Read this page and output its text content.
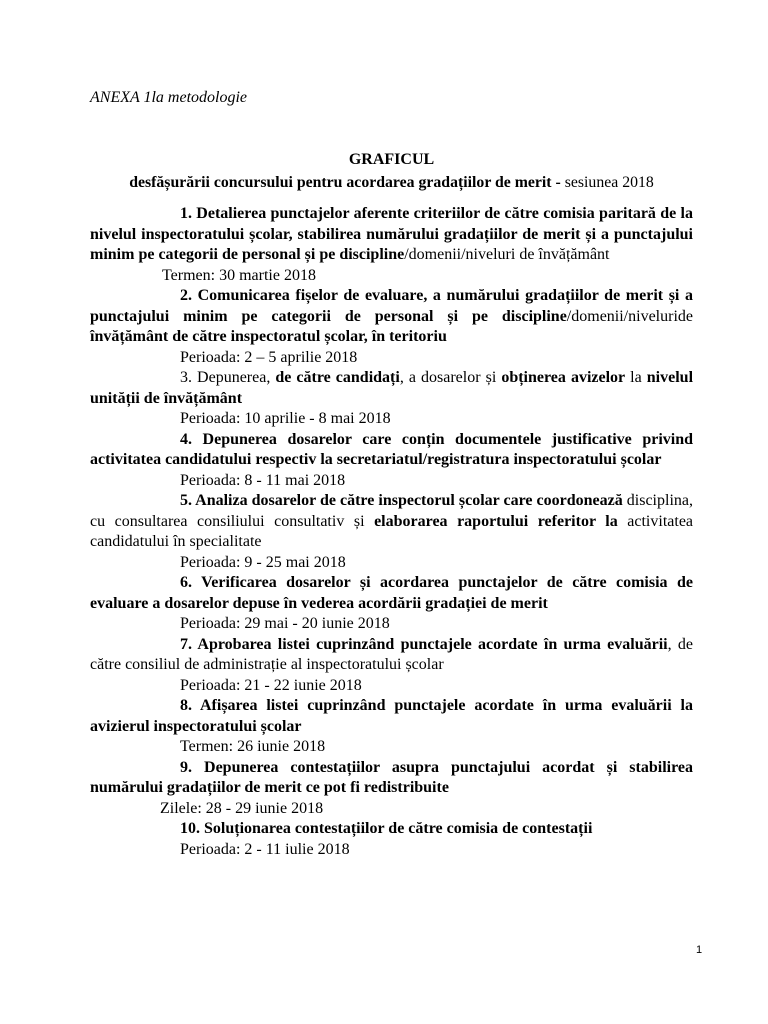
ANEXA 1la metodologie
GRAFICUL
desfășurării concursului pentru acordarea gradațiilor de merit - sesiunea 2018
1. Detalierea punctajelor aferente criteriilor de către comisia paritară de la nivelul inspectoratului școlar, stabilirea numărului gradațiilor de merit și a punctajului minim pe categorii de personal și pe discipline/domenii/niveluri de învățământ
Termen: 30 martie 2018
2. Comunicarea fișelor de evaluare, a numărului gradațiilor de merit și a punctajului minim pe categorii de personal și pe discipline/domenii/niveluride învățământ de către inspectoratul școlar, în teritoriu
Perioada: 2 – 5 aprilie 2018
3. Depunerea, de către candidați, a dosarelor și obținerea avizelor la nivelul unității de învățământ
Perioada: 10 aprilie - 8 mai 2018
4. Depunerea dosarelor care conțin documentele justificative privind activitatea candidatului respectiv la secretariatul/registratura inspectoratului școlar
Perioada: 8 - 11 mai 2018
5. Analiza dosarelor de către inspectorul școlar care coordonează disciplina, cu consultarea consiliului consultativ și elaborarea raportului referitor la activitatea candidatului în specialitate
Perioada: 9 - 25 mai 2018
6. Verificarea dosarelor și acordarea punctajelor de către comisia de evaluare a dosarelor depuse în vederea acordării gradației de merit
Perioada: 29 mai - 20 iunie 2018
7. Aprobarea listei cuprinzând punctajele acordate în urma evaluării, de către consiliul de administrație al inspectoratului școlar
Perioada: 21 - 22 iunie 2018
8. Afișarea listei cuprinzând punctajele acordate în urma evaluării la avizierul inspectoratului școlar
Termen: 26 iunie 2018
9. Depunerea contestațiilor asupra punctajului acordat și stabilirea numărului gradațiilor de merit ce pot fi redistribuite
Zilele: 28 - 29 iunie 2018
10. Soluționarea contestațiilor de către comisia de contestații
Perioada: 2 - 11 iulie 2018
1
